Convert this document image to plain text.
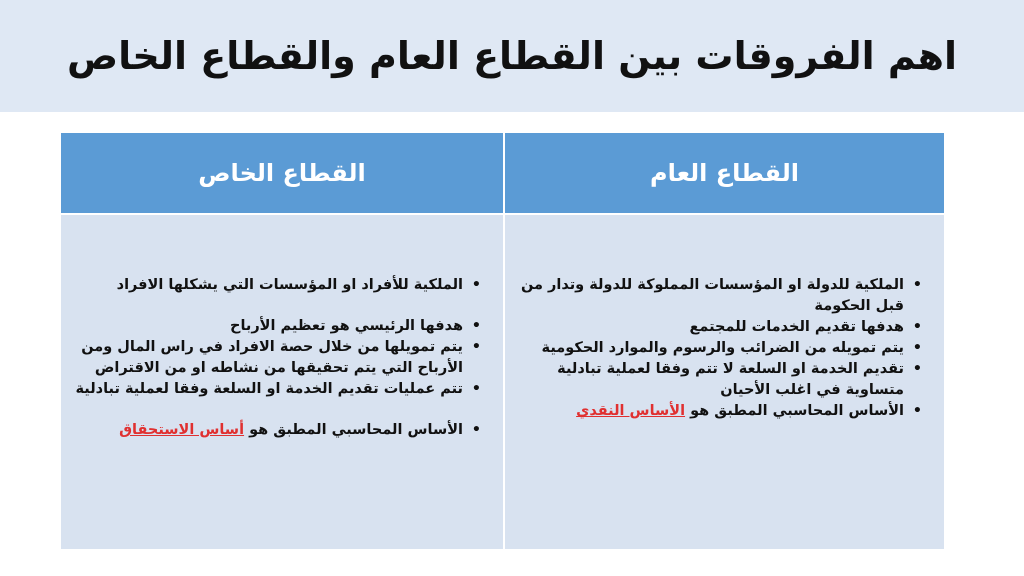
اهم الفروقات بين القطاع العام والقطاع الخاص
القطاع العام
القطاع الخاص
• الملكية للدولة او المؤسسات المملوكة للدولة وتدار من قبل الحكومة
• هدفها تقديم الخدمات للمجتمع
• يتم تمويله من الضرائب والرسوم والموارد الحكومية
• تقديم الخدمة او السلعة لا تتم وفقا لعملية تبادلية متساوية في اغلب الأحيان
• الأساس المحاسبي المطبق هو الأساس النقدي
• الملكية للأفراد او المؤسسات التي يشكلها الافراد
• هدفها الرئيسي هو تعظيم الأرباح
• يتم تمويلها من خلال حصة الافراد في راس المال ومن الأرباح التي يتم تحقيقها من نشاطه او من الاقتراض
• تتم عمليات تقديم الخدمة او السلعة وفقا لعملية تبادلية
• الأساس المحاسبي المطبق هو أساس الاستحقاق
